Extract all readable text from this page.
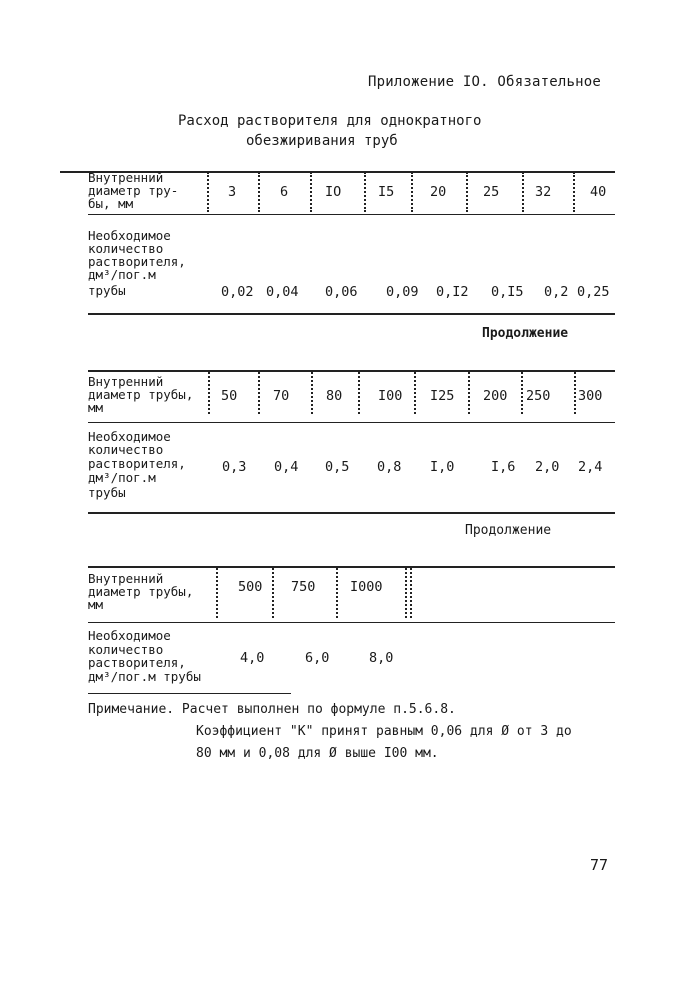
Приложение IO. Обязательное
Расход растворителя для однократного
обезжиривания труб
Внутренний
диаметр тру-
бы, мм
3	6	IO	I5	20	25	32	40
Необходимое
количество
растворителя,
дм³/пог.м
трубы	0,02 0,04 0,06 0,09 0,I2 0,I5 0,2 0,25
Продолжение
Внутренний
диаметр трубы,
мм
50	70	80	I00 I25 200 250 300
Необходимое
количество
растворителя,
дм³/пог.м
трубы
0,3 0,4 0,5 0,8 I,0	I,6 2,0 2,4
Продолжение
Внутренний
диаметр трубы,
мм
500 750	I000
Необходимое
количество
растворителя,
дм³/пог.м трубы
4,0	6,0	8,0
Примечание. Расчет выполнен по формуле п.5.6.8.
Коэффициент "К" принят равным 0,06 для Ø от 3 до
80 мм и 0,08 для Ø выше I00 мм.
77
